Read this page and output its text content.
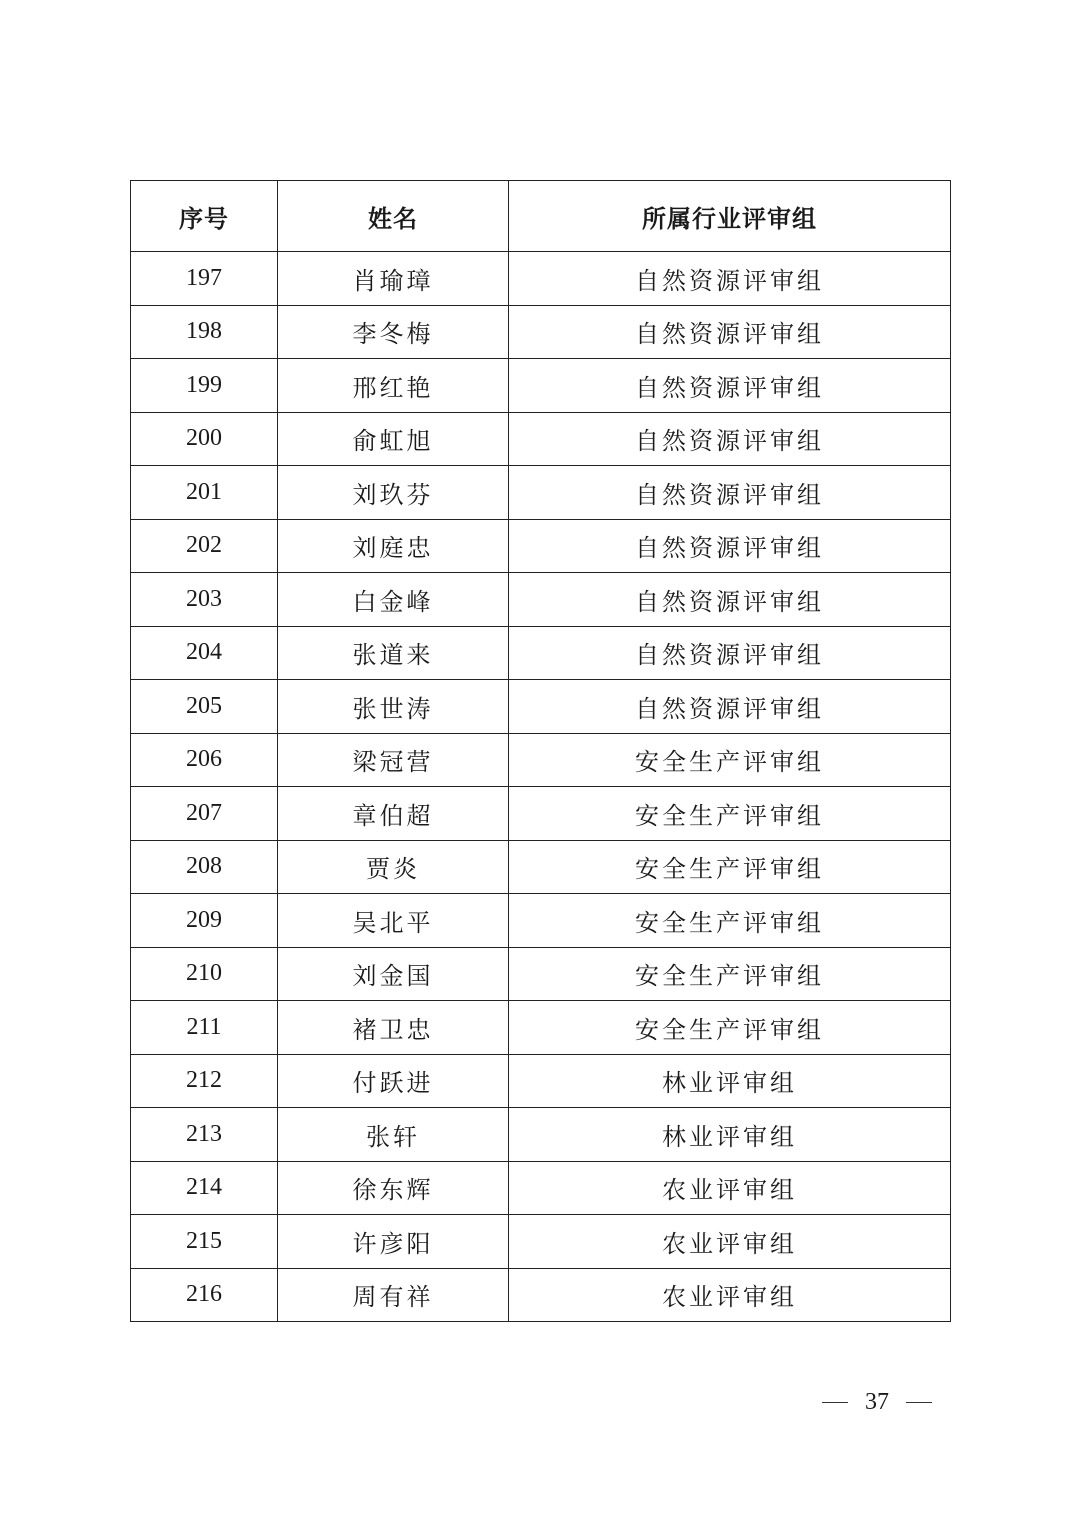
序号	姓名	所属行业评审组
197	肖瑜璋	自然资源评审组
198	李冬梅	自然资源评审组
199	邢红艳	自然资源评审组
200	俞虹旭	自然资源评审组
201	刘玖芬	自然资源评审组
202	刘庭忠	自然资源评审组
203	白金峰	自然资源评审组
204	张道来	自然资源评审组
205	张世涛	自然资源评审组
206	梁冠营	安全生产评审组
207	章伯超	安全生产评审组
208	贾炎	安全生产评审组
209	吴北平	安全生产评审组
210	刘金国	安全生产评审组
211	褚卫忠	安全生产评审组
212	付跃进	林业评审组
213	张轩	林业评审组
214	徐东辉	农业评审组
215	许彦阳	农业评审组
216	周有祥	农业评审组
37
